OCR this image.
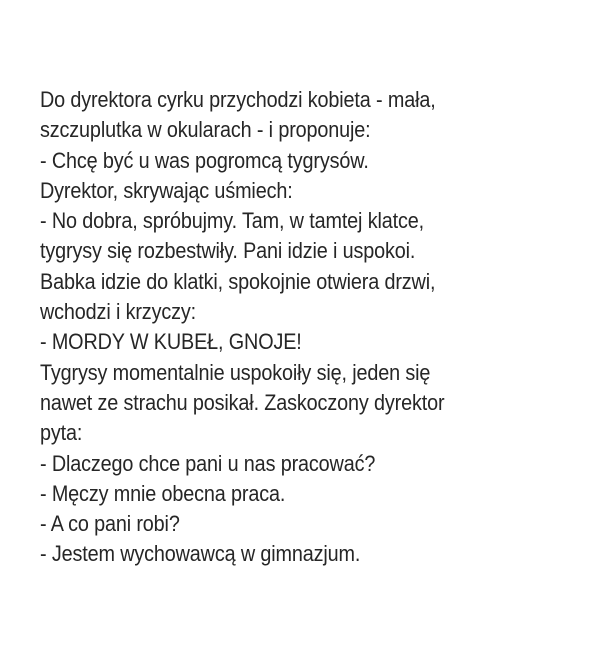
Do dyrektora cyrku przychodzi kobieta - mała,
szczuplutka w okularach - i proponuje:
- Chcę być u was pogromcą tygrysów.
Dyrektor, skrywając uśmiech:
- No dobra, spróbujmy. Tam, w tamtej klatce,
tygrysy się rozbestwiły. Pani idzie i uspokoi.
Babka idzie do klatki, spokojnie otwiera drzwi,
wchodzi i krzyczy:
- MORDY W KUBEŁ, GNOJE!
Tygrysy momentalnie uspokoiły się, jeden się
nawet ze strachu posikał. Zaskoczony dyrektor
pyta:
- Dlaczego chce pani u nas pracować?
- Męczy mnie obecna praca.
- A co pani robi?
- Jestem wychowawcą w gimnazjum.
